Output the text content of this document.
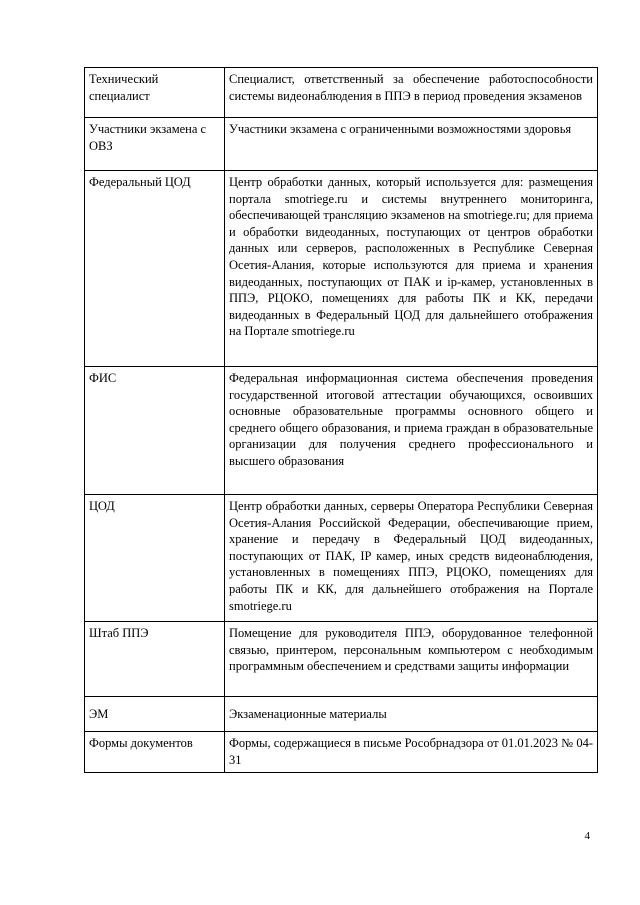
Технический специалист	Специалист, ответственный за обеспечение работоспособности системы видеонаблюдения в ППЭ в период проведения экзаменов
Участники экзамена с ОВЗ	Участники экзамена с ограниченными возможностями здоровья
Федеральный ЦОД	Центр обработки данных, который используется для: размещения портала smotriege.ru и системы внутреннего мониторинга, обеспечивающей трансляцию экзаменов на smotriege.ru; для приема и обработки видеоданных, поступающих от центров обработки данных или серверов, расположенных в Республике Северная Осетия-Алания, которые используются для приема и хранения видеоданных, поступающих от ПАК и ip-камер, установленных в ППЭ, РЦОКО, помещениях для работы ПК и КК, передачи видеоданных в Федеральный ЦОД для дальнейшего отображения на Портале smotriege.ru
ФИС	Федеральная информационная система обеспечения проведения государственной итоговой аттестации обучающихся, освоивших основные образовательные программы основного общего и среднего общего образования, и приема граждан в образовательные организации для получения среднего профессионального и высшего образования
ЦОД	Центр обработки данных, серверы Оператора Республики Северная Осетия-Алания Российской Федерации, обеспечивающие прием, хранение и передачу в Федеральный ЦОД видеоданных, поступающих от ПАК, IP камер, иных средств видеонаблюдения, установленных в помещениях ППЭ, РЦОКО, помещениях для работы ПК и КК, для дальнейшего отображения на Портале smotriege.ru
Штаб ППЭ	Помещение для руководителя ППЭ, оборудованное телефонной связью, принтером, персональным компьютером с необходимым программным обеспечением и средствами защиты информации
ЭМ	Экзаменационные материалы
Формы документов	Формы, содержащиеся в письме Рособрнадзора от 01.01.2023 № 04-31
4
